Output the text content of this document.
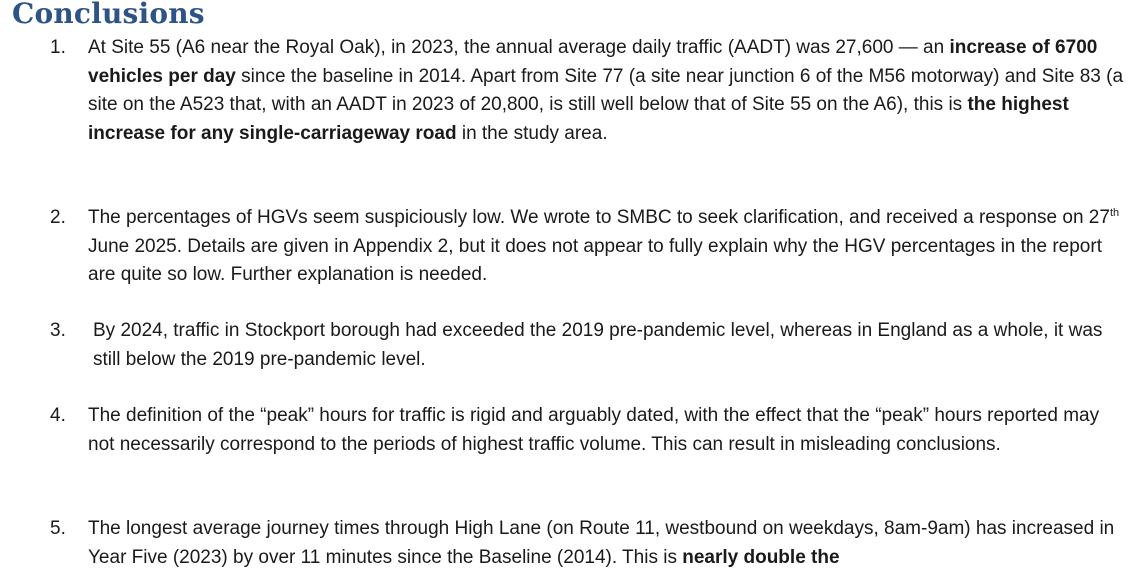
Conclusions
1. At Site 55 (A6 near the Royal Oak), in 2023, the annual average daily traffic (AADT) was 27,600 — an increase of 6700 vehicles per day since the baseline in 2014. Apart from Site 77 (a site near junction 6 of the M56 motorway) and Site 83 (a site on the A523 that, with an AADT in 2023 of 20,800, is still well below that of Site 55 on the A6), this is the highest increase for any single-carriageway road in the study area.
2. The percentages of HGVs seem suspiciously low. We wrote to SMBC to seek clarification, and received a response on 27th June 2025. Details are given in Appendix 2, but it does not appear to fully explain why the HGV percentages in the report are quite so low. Further explanation is needed.
3. By 2024, traffic in Stockport borough had exceeded the 2019 pre-pandemic level, whereas in England as a whole, it was still below the 2019 pre-pandemic level.
4. The definition of the “peak” hours for traffic is rigid and arguably dated, with the effect that the “peak” hours reported may not necessarily correspond to the periods of highest traffic volume. This can result in misleading conclusions.
5. The longest average journey times through High Lane (on Route 11, westbound on weekdays, 8am-9am) has increased in Year Five (2023) by over 11 minutes since the Baseline (2014). This is nearly double the
